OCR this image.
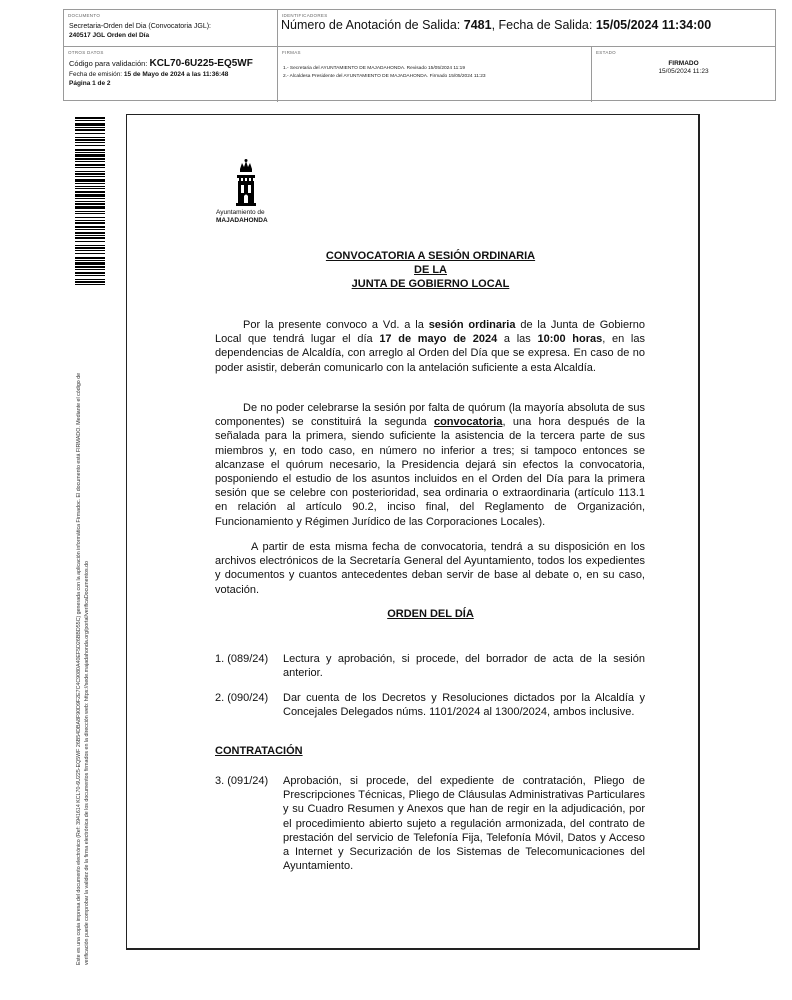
DOCUMENTO
Secretaria-Orden del Dia (Convocatoria JGL):
240517 JGL Orden del Día
IDENTIFICADORES
Número de Anotación de Salida: 7481, Fecha de Salida: 15/05/2024 11:34:00
OTROS DATOS
Código para validación: KCL70-6U225-EQ5WF
Fecha de emisión: 15 de Mayo de 2024 a las 11:36:48
Página 1 de 2
FIRMAS
1.- Secretaria del AYUNTAMIENTO DE MAJADAHONDA. Revisado 15/05/2024 11:19
2.- Alcaldesa Presidente del AYUNTAMIENTO DE MAJADAHONDA. Firmado 15/05/2024 11:23
ESTADO
FIRMADO
15/05/2024 11:23
Este es una copia impresa del documento electrónico (Ref: 3941614 KCL70-6U225-EQ5WF 26B54DBA8F90D9F2E7C4C9080A40EF5D26BBD55C) generada con la aplicación informática Firmadoc. El documento está FIRMADO. Mediante el código de verificación puede comprobar la validez de la firma electrónica de los documentos firmados en la dirección web: https://sede.majadahonda.org/portal/verificaDocumentos.do
Ayuntamiento de
MAJADAHONDA
CONVOCATORIA A SESIÓN ORDINARIA
DE LA
JUNTA DE GOBIERNO LOCAL
Por la presente convoco a Vd. a la sesión ordinaria de la Junta de Gobierno Local que tendrá lugar el día 17 de mayo de 2024 a las 10:00 horas, en las dependencias de Alcaldía, con arreglo al Orden del Día que se expresa. En caso de no poder asistir, deberán comunicarlo con la antelación suficiente a esta Alcaldía.
De no poder celebrarse la sesión por falta de quórum (la mayoría absoluta de sus componentes) se constituirá la segunda convocatoria, una hora después de la señalada para la primera, siendo suficiente la asistencia de la tercera parte de sus miembros y, en todo caso, en número no inferior a tres; si tampoco entonces se alcanzase el quórum necesario, la Presidencia dejará sin efectos la convocatoria, posponiendo el estudio de los asuntos incluidos en el Orden del Día para la primera sesión que se celebre con posterioridad, sea ordinaria o extraordinaria (artículo 113.1 en relación al artículo 90.2, inciso final, del Reglamento de Organización, Funcionamiento y Régimen Jurídico de las Corporaciones Locales).
A partir de esta misma fecha de convocatoria, tendrá a su disposición en los archivos electrónicos de la Secretaría General del Ayuntamiento, todos los expedientes y documentos y cuantos antecedentes deban servir de base al debate o, en su caso, votación.
ORDEN DEL DÍA
1. (089/24) Lectura y aprobación, si procede, del borrador de acta de la sesión anterior.
2. (090/24) Dar cuenta de los Decretos y Resoluciones dictados por la Alcaldía y Concejales Delegados núms. 1101/2024 al 1300/2024, ambos inclusive.
CONTRATACIÓN
3. (091/24) Aprobación, si procede, del expediente de contratación, Pliego de Prescripciones Técnicas, Pliego de Cláusulas Administrativas Particulares y su Cuadro Resumen y Anexos que han de regir en la adjudicación, por el procedimiento abierto sujeto a regulación armonizada, del contrato de prestación del servicio de Telefonía Fija, Telefonía Móvil, Datos y Acceso a Internet y Securización de los Sistemas de Telecomunicaciones del Ayuntamiento.
